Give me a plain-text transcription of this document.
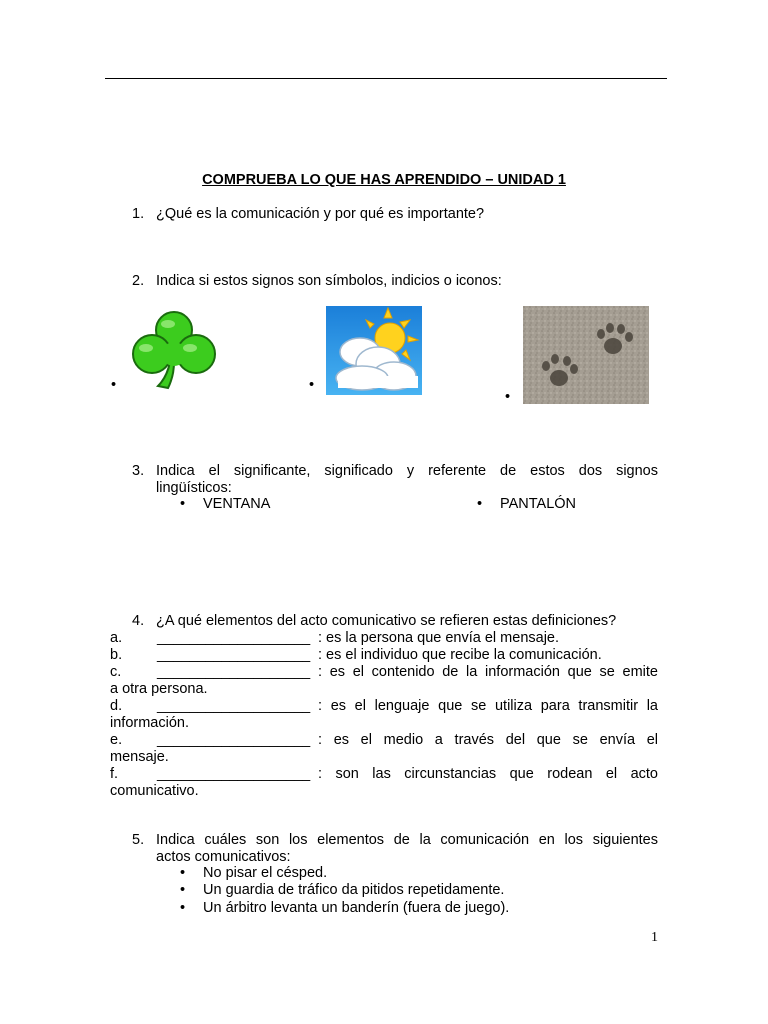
COMPRUEBA LO QUE HAS APRENDIDO – UNIDAD 1
1. ¿Qué es la comunicación y por qué es importante?
2. Indica si estos signos son símbolos, indicios o iconos:
•	•
•
3. Indica el significante, significado y referente de estos dos signos
lingüísticos:
• VENTANA	• PANTALÓN
4. ¿A qué elementos del acto comunicativo se refieren estas definiciones?
a. ___________________ : es la persona que envía el mensaje.
b. ___________________ : es el individuo que recibe la comunicación.
c. ___________________ : es el contenido de la información que se emite
a otra persona.
d. ___________________ : es el lenguaje que se utiliza para transmitir la
información.
e. ___________________ : es el medio a través del que se envía el
mensaje.
f.	___________________ : son las circunstancias que rodean el acto
comunicativo.
5. Indica cuáles son los elementos de la comunicación en los siguientes
actos comunicativos:
• No pisar el césped.
• Un guardia de tráfico da pitidos repetidamente.
• Un árbitro levanta un banderín (fuera de juego).
1
